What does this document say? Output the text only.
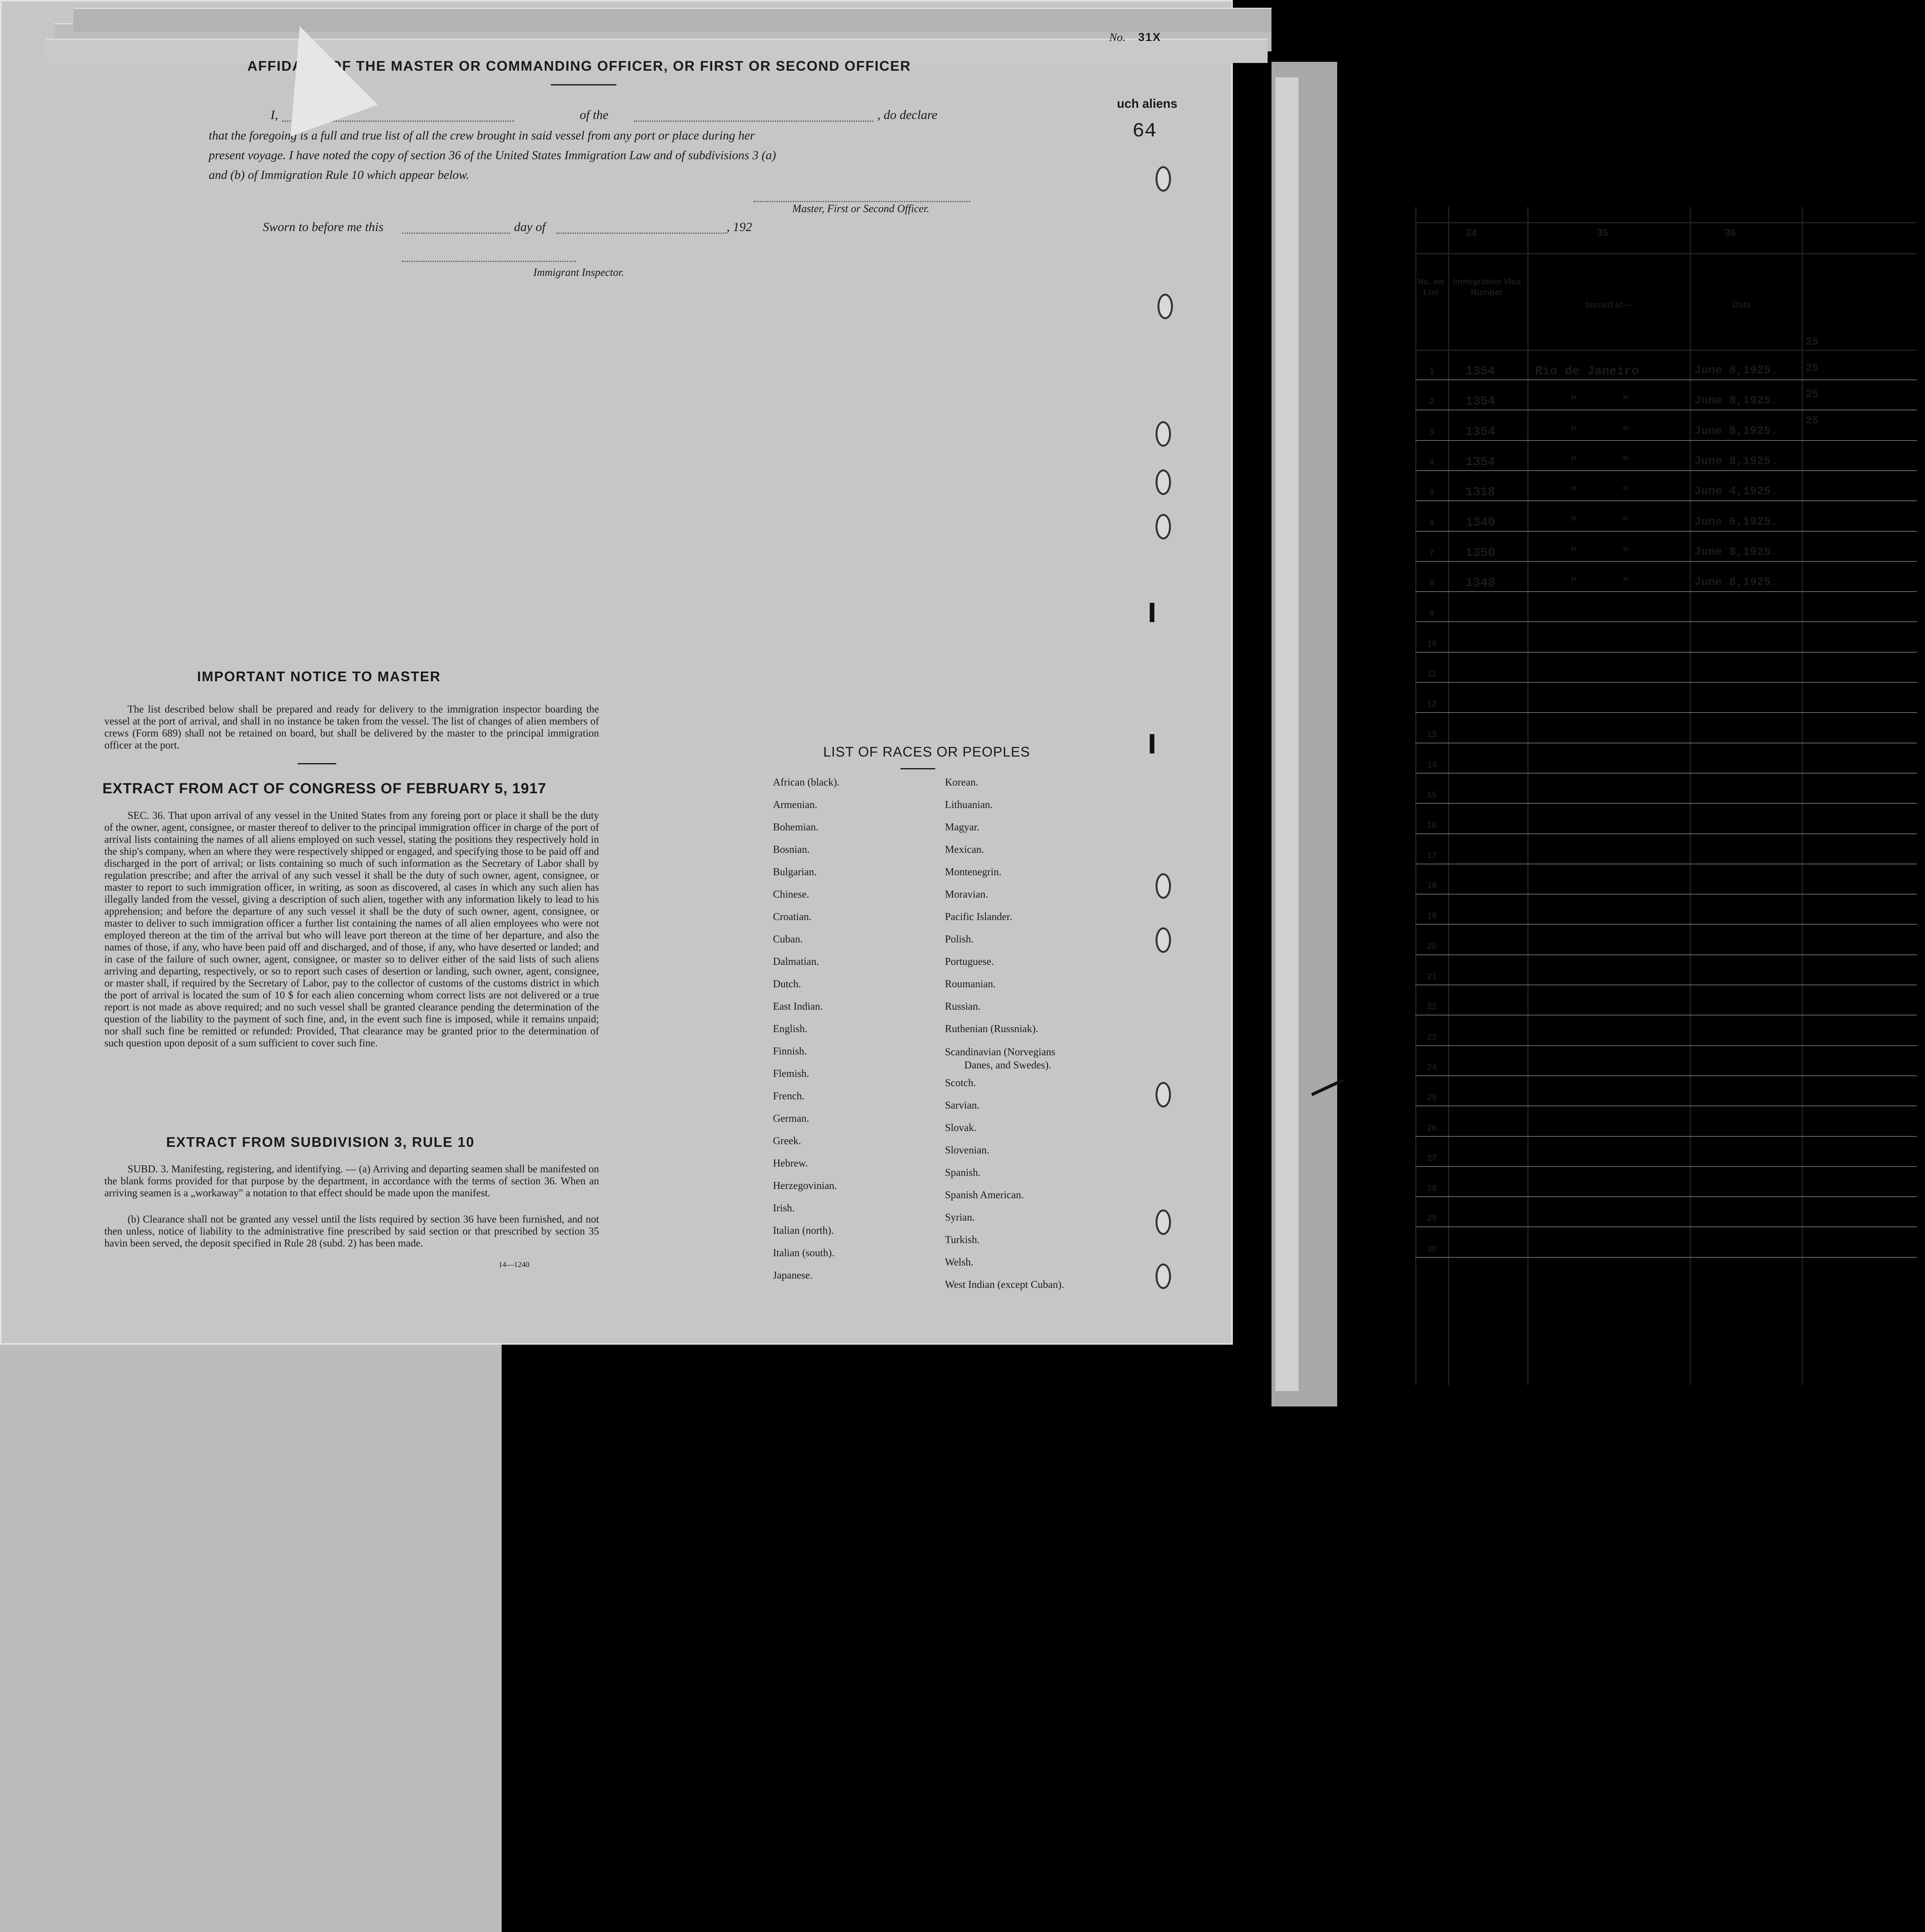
AFFIDAVIT OF THE MASTER OR COMMANDING OFFICER, OR FIRST OR SECOND OFFICER
No. 31X
uch aliens
64
I,	of the	, do declare
that the foregoing is a full and true list of all the crew brought in said vessel from any port or place during her
present voyage. I have noted the copy of section 36 of the United States Immigration Law and of subdivisions 3 (a)
and (b) of Immigration Rule 10 which appear below.
Master, First or Second Officer.
Sworn to before me this	day of	, 192
Immigrant Inspector.
IMPORTANT NOTICE TO MASTER
The list described below shall be prepared and ready for delivery to the immigration inspector boarding the vessel at the port of arrival, and shall in no instance be taken from the vessel. The list of changes of alien members of crews (Form 689) shall not be retained on board, but shall be delivered by the master to the principal immigration officer at the port.
EXTRACT FROM ACT OF CONGRESS OF FEBRUARY 5, 1917
SEC. 36. That upon arrival of any vessel in the United States from any foreing port or place it shall be the duty of the owner, agent, consignee, or master thereof to deliver to the principal immigration officer in charge of the port of arrival lists containing the names of all aliens employed on such vessel, stating the positions they respectively hold in the ship's company, when an where they were respectively shipped or engaged, and specifying those to be paid off and discharged in the port of arrival; or lists containing so much of such information as the Secretary of Labor shall by regulation prescribe; and after the arrival of any such vessel it shall be the duty of such owner, agent, consignee, or master to report to such immigration officer, in writing, as soon as discovered, al cases in which any such alien has illegally landed from the vessel, giving a description of such alien, together with any information likely to lead to his apprehension; and before the departure of any such vessel it shall be the duty of such owner, agent, consignee, or master to deliver to such immigration officer a further list containing the names of all alien employees who were not employed thereon at the tim of the arrival but who will leave port thereon at the time of her departure, and also the names of those, if any, who have been paid off and discharged, and of those, if any, who have deserted or landed; and in case of the failure of such owner, agent, consignee, or master so to deliver either of the said lists of such aliens arriving and departing, respectively, or so to report such cases of desertion or landing, such owner, agent, consignee, or master shall, if required by the Secretary of Labor, pay to the collector of customs of the customs district in which the port of arrival is located the sum of 10 $ for each alien concerning whom correct lists are not delivered or a true report is not made as above required; and no such vessel shall be granted clearance pending the determination of the question of the liability to the payment of such fine, and, in the event such fine is imposed, while it remains unpaid; nor shall such fine be remitted or refunded: Provided, That clearance may be granted prior to the determination of such question upon deposit of a sum sufficient to cover such fine.
EXTRACT FROM SUBDIVISION 3, RULE 10
SUBD. 3. Manifesting, registering, and identifying. — (a) Arriving and departing seamen shall be manifested on the blank forms provided for that purpose by the department, in accordance with the terms of section 36. When an arriving seamen is a „workaway" a notation to that effect should be made upon the manifest.
(b) Clearance shall not be granted any vessel until the lists required by section 36 have been furnished, and not then unless, notice of liability to the administrative fine prescribed by said section or that prescribed by section 35 havin been served, the deposit specified in Rule 28 (subd. 2) has been made.
14—1240
LIST OF RACES OR PEOPLES
African (black).
Armenian.
Bohemian.
Bosnian.
Bulgarian.
Chinese.
Croatian.
Cuban.
Dalmatian.
Dutch.
East Indian.
English.
Finnish.
Flemish.
French.
German.
Greek.
Hebrew.
Herzegovinian.
Irish.
Italian (north).
Italian (south).
Japanese.
Korean.
Lithuanian.
Magyar.
Mexican.
Montenegrin.
Moravian.
Pacific Islander.
Polish.
Portuguese.
Roumanian.
Russian.
Ruthenian (Russniak).
Scandinavian (Norvegians
Danes, and Swedes).
Scotch.
Sarvian.
Slovak.
Slovenian.
Spanish.
Spanish American.
Syrian.
Turkish.
Welsh.
West Indian (except Cuban).
34	35	36
No. on List
Immigration Visa Number
Issued at—	Date
1	1354	Rio de Janeiro	June 8,1925.
2	1354	"      "	June 8,1925.
3	1354	"      "	June 8,1925.
4	1354	"      "	June 8,1925.
5	1318	"      "	June 4,1925.
6	1340	"      "	June 6,1925.
7	1350	"      "	June 8,1925.
8	1348	"      "	June 8,1925.
9
10
11
12
13
14
15
16
17
18
19
20
21
22
23
24
25
26
27
28
29
30
25
25
25
25
